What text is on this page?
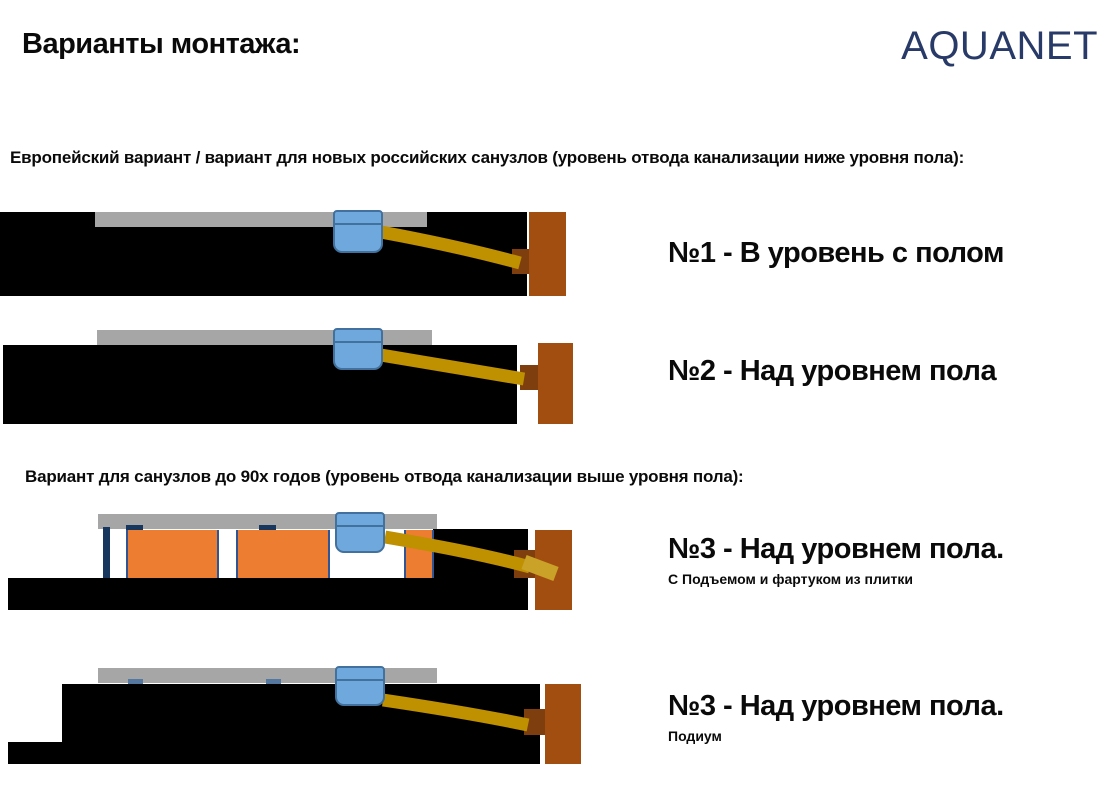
Варианты монтажа:	AQUANET
Европейский вариант / вариант для новых российских санузлов (уровень отвода канализации ниже уровня пола):
Вариант для санузлов до 90х годов (уровень отвода канализации выше уровня пола):
№1 - В уровень с полом
№2 - Над уровнем пола
№3 - Над уровнем пола.
С Подъемом и фартуком из плитки
№3 - Над уровнем пола.
Подиум
